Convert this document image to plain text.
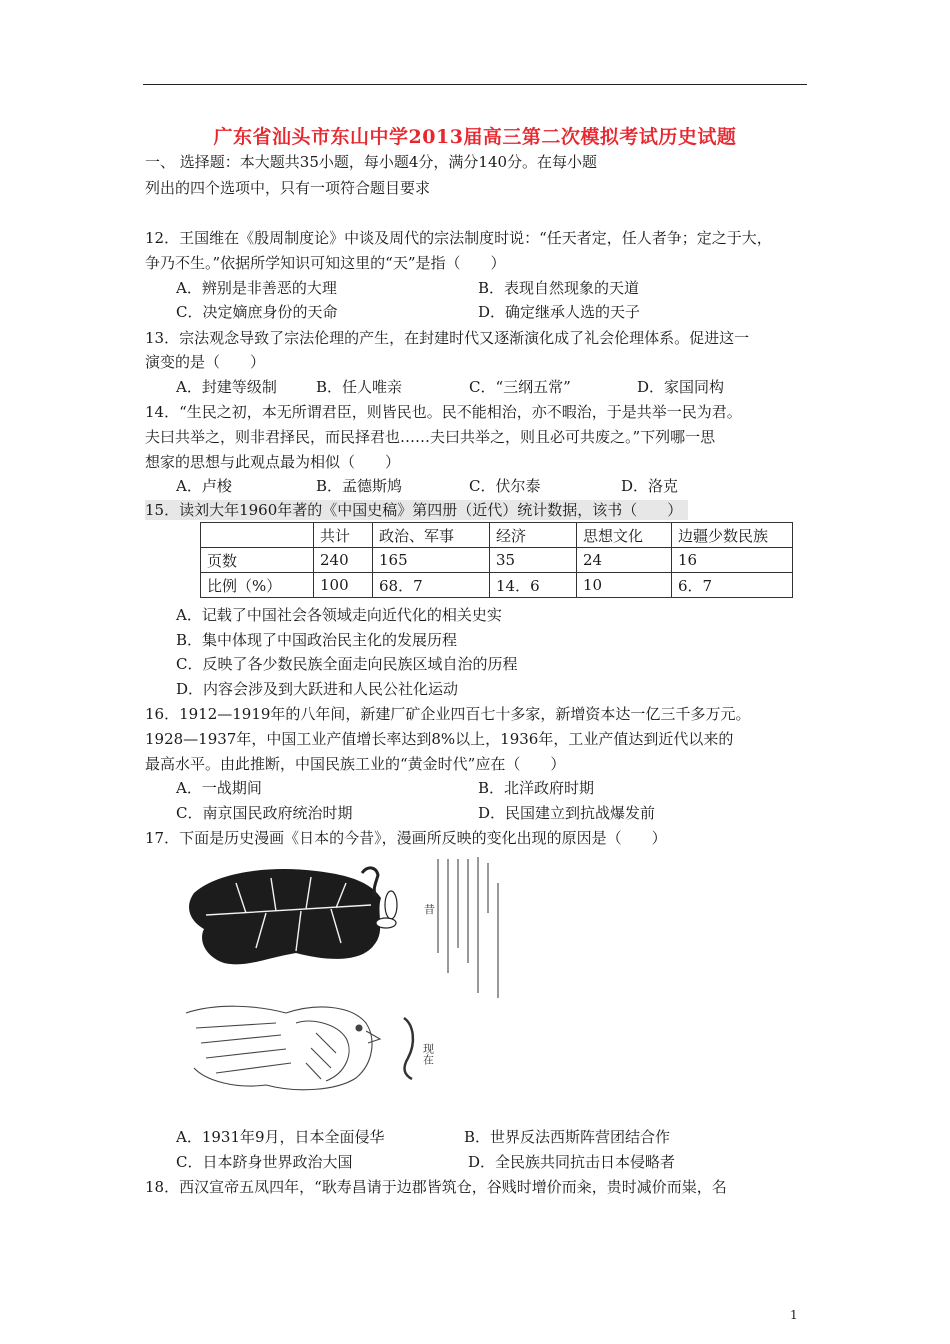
广东省汕头市东山中学2013届高三第二次模拟考试历史试题
一、 选择题：本大题共35小题，每小题4分，满分140分。在每小题
列出的四个选项中，只有一项符合题目要求
12．王国维在《殷周制度论》中谈及周代的宗法制度时说：“任天者定，任人者争；定之于大，
争乃不生。”依据所学知识可知这里的“天”是指（　　）
A．辨别是非善恶的大理	B．表现自然现象的天道
C．决定嫡庶身份的天命	D．确定继承人选的天子
13．宗法观念导致了宗法伦理的产生，在封建时代又逐渐演化成了礼会伦理体系。促进这一
演变的是（　　）
A．封建等级制	B．任人唯亲	C．“三纲五常”	D．家国同构
14．“生民之初，本无所谓君臣，则皆民也。民不能相治，亦不暇治，于是共举一民为君。
夫曰共举之，则非君择民，而民择君也……夫曰共举之，则且必可共废之。”下列哪一思
想家的思想与此观点最为相似（　　）
A．卢梭	B．孟德斯鸠	C．伏尔泰	D．洛克
15．读刘大年1960年著的《中国史稿》第四册（近代）统计数据，该书（　　）
	共计	政治、军事	经济	思想文化	边疆少数民族
页数	240	165	35	24	16
比例（%）	100	68．7	14．6	10	6．7
A．记载了中国社会各领域走向近代化的相关史实
B．集中体现了中国政治民主化的发展历程
C．反映了各少数民族全面走向民族区域自治的历程
D．内容会涉及到大跃进和人民公社化运动
16．1912—1919年的八年间，新建厂矿企业四百七十多家，新增资本达一亿三千多万元。
1928—1937年，中国工业产值增长率达到8%以上，1936年，工业产值达到近代以来的
最高水平。由此推断，中国民族工业的“黄金时代”应在（　　）
A．一战期间	B．北洋政府时期
C．南京国民政府统治时期	D．民国建立到抗战爆发前
17．下面是历史漫画《日本的今昔》，漫画所反映的变化出现的原因是（　　）
昔
现在
A．1931年9月，日本全面侵华	B．世界反法西斯阵营团结合作
C．日本跻身世界政治大国	D．全民族共同抗击日本侵略者
18．西汉宣帝五凤四年，“耿寿昌请于边郡皆筑仓，谷贱时增价而籴，贵时减价而粜，名
1
